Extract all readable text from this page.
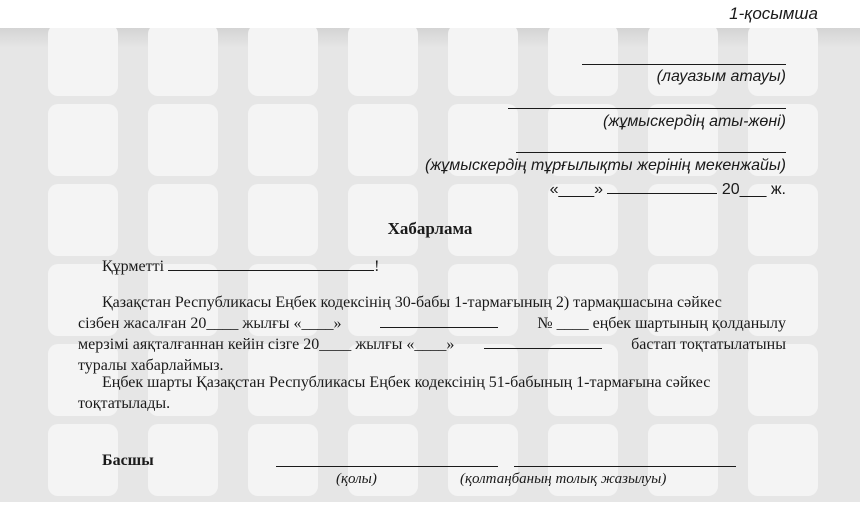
1-қосымша
(лауазым атауы)
(жұмыскердің аты-жөні)
(жұмыскердің тұрғылықты жерінің мекенжайы)
«____»	20___ ж.
Хабарлама
Құрметті	!
Қазақстан Республикасы Еңбек кодексінің 30-бабы 1-тармағының 2) тармақшасына сәйкес
сізбен жасалған 20____ жылғы «____»	№ ____ еңбек шартының қолданылу
мерзімі аяқталғаннан кейін сізге 20____ жылғы «____»	бастап тоқтатылатыны
туралы хабарлаймыз.
Еңбек шарты Қазақстан Республикасы Еңбек кодексінің 51-бабының 1-тармағына сәйкес
тоқтатылады.
Басшы
(қолы)	(қолтаңбаның толық жазылуы)
